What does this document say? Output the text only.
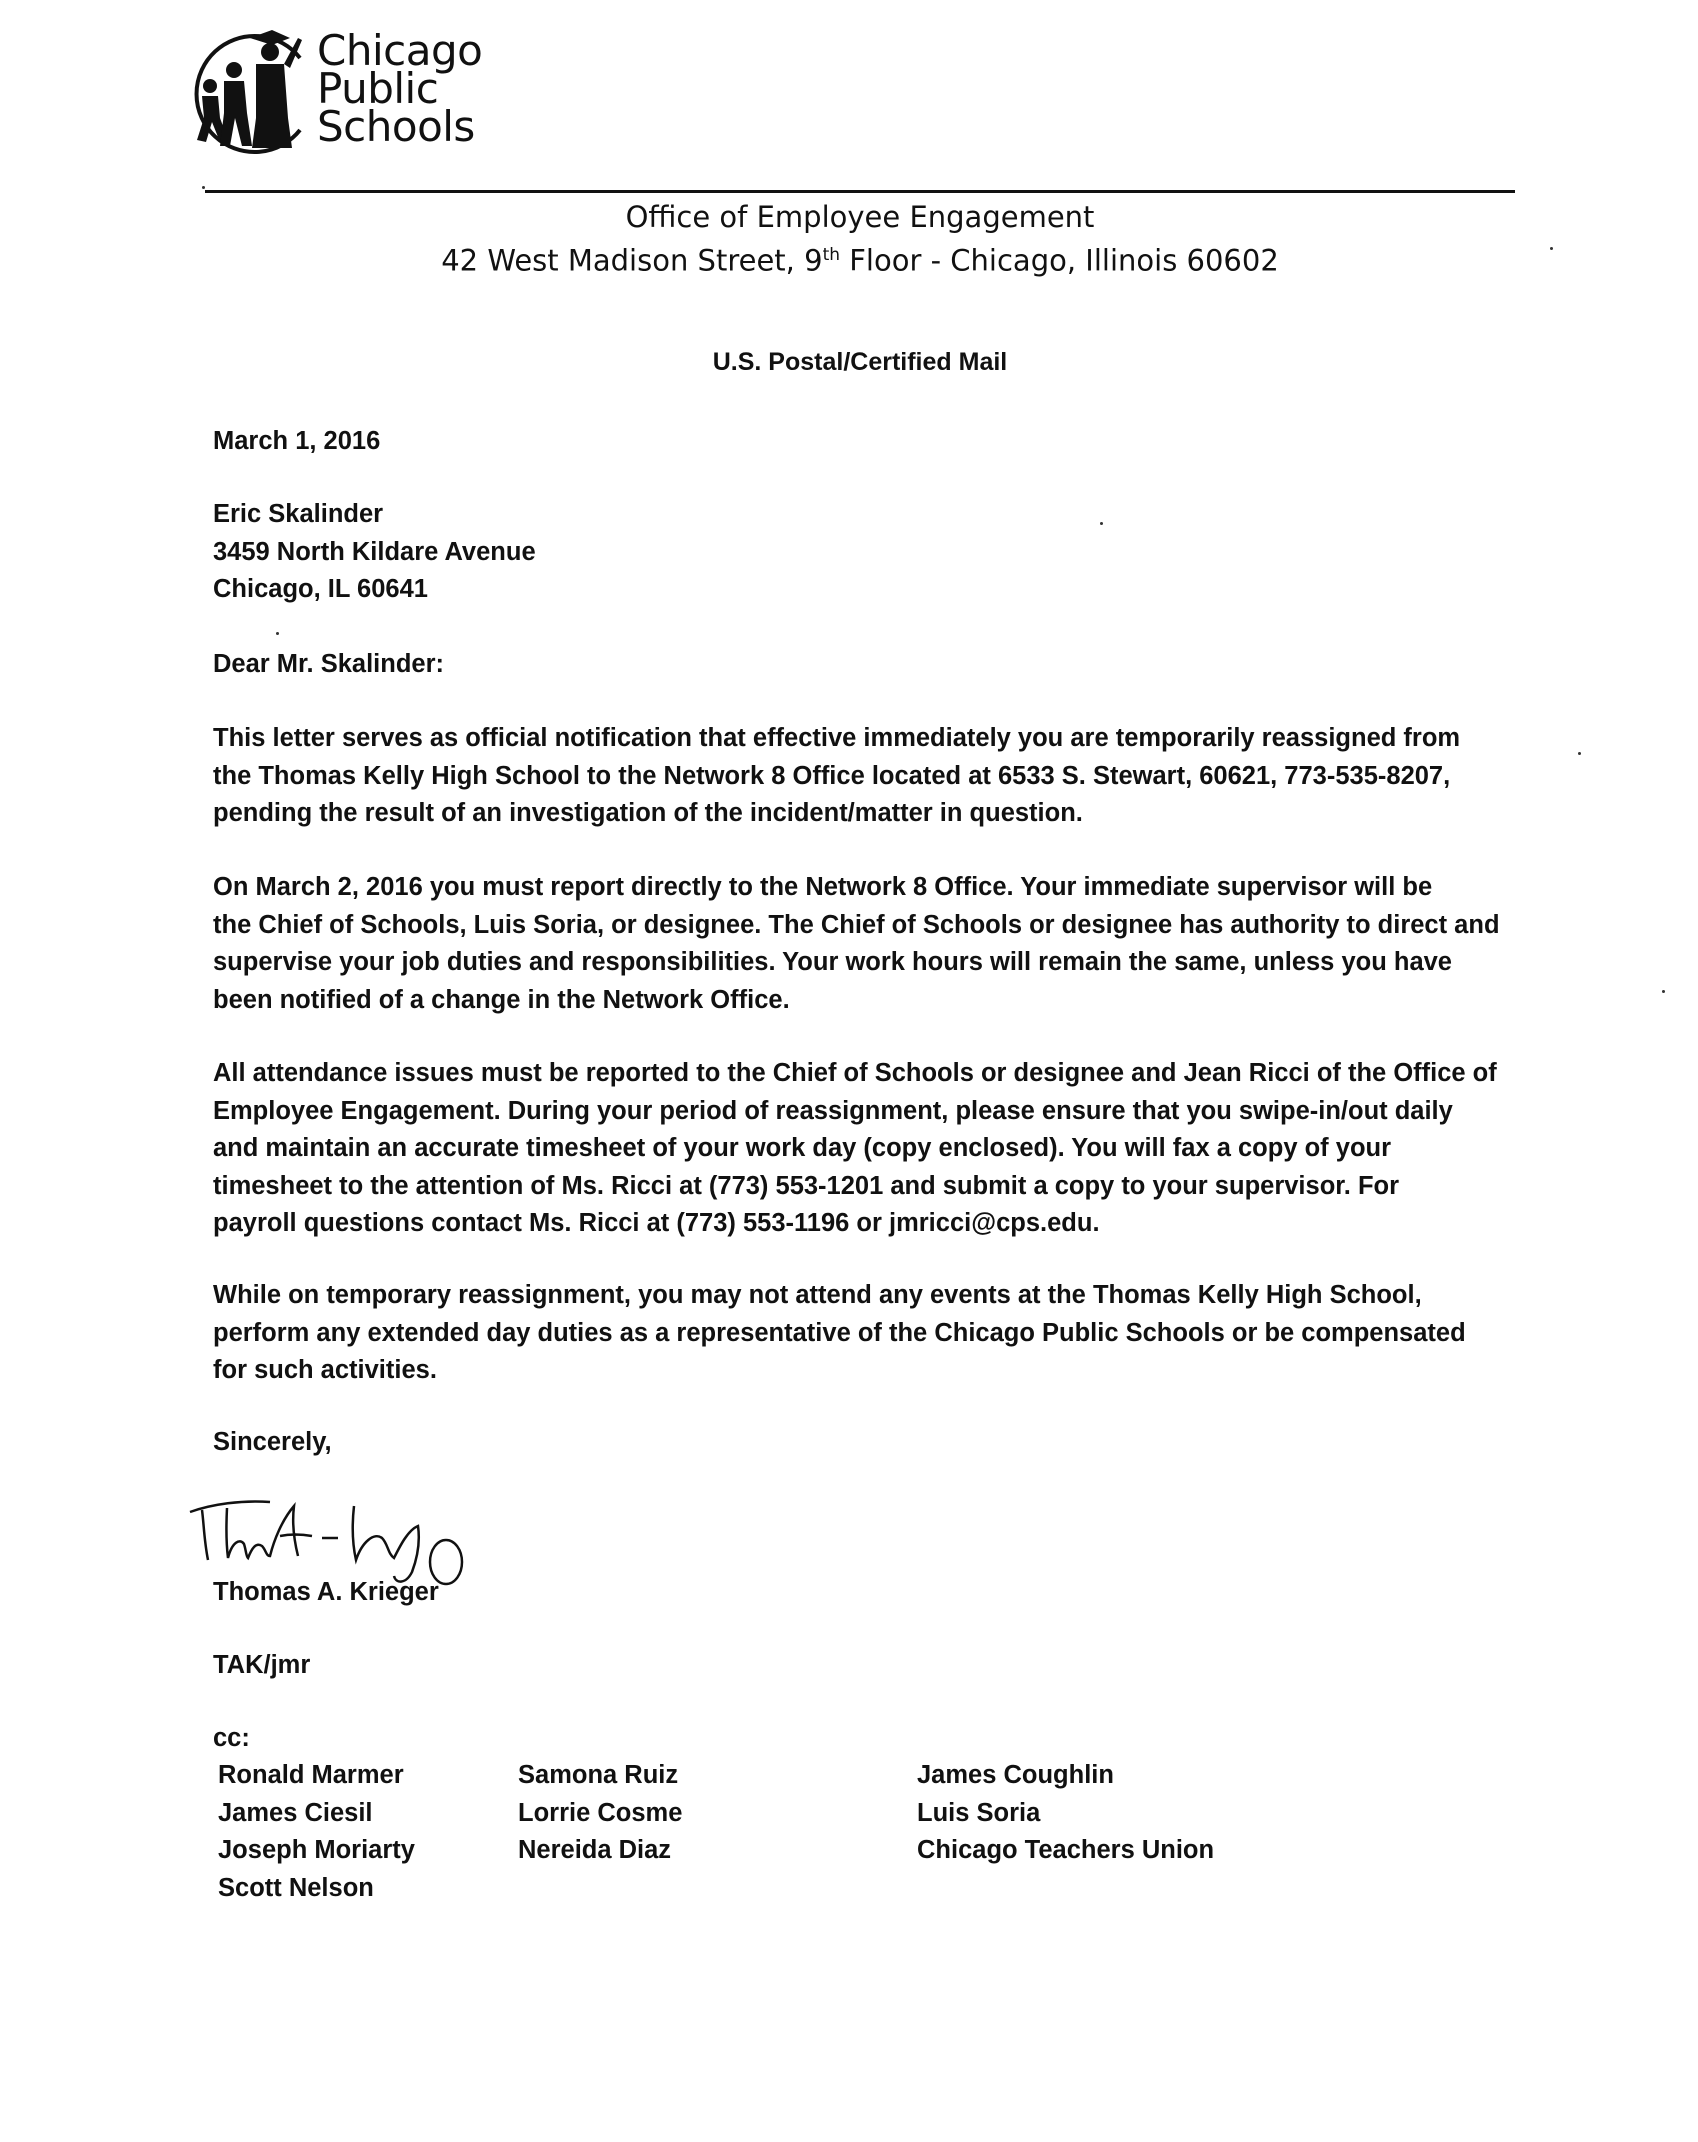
Chicago
Public
Schools
Office of Employee Engagement
42 West Madison Street, 9th Floor - Chicago, Illinois 60602
U.S. Postal/Certified Mail
March 1, 2016
Eric Skalinder
3459 North Kildare Avenue
Chicago, IL 60641
Dear Mr. Skalinder:
This letter serves as official notification that effective immediately you are temporarily reassigned from
the Thomas Kelly High School to the Network 8 Office located at 6533 S. Stewart, 60621, 773-535-8207,
pending the result of an investigation of the incident/matter in question.
On March 2, 2016 you must report directly to the Network 8 Office. Your immediate supervisor will be
the Chief of Schools, Luis Soria, or designee. The Chief of Schools or designee has authority to direct and
supervise your job duties and responsibilities. Your work hours will remain the same, unless you have
been notified of a change in the Network Office.
All attendance issues must be reported to the Chief of Schools or designee and Jean Ricci of the Office of
Employee Engagement. During your period of reassignment, please ensure that you swipe-in/out daily
and maintain an accurate timesheet of your work day (copy enclosed). You will fax a copy of your
timesheet to the attention of Ms. Ricci at (773) 553-1201 and submit a copy to your supervisor. For
payroll questions contact Ms. Ricci at (773) 553-1196 or jmricci@cps.edu.
While on temporary reassignment, you may not attend any events at the Thomas Kelly High School,
perform any extended day duties as a representative of the Chicago Public Schools or be compensated
for such activities.
Sincerely,
Thomas A. Krieger
TAK/jmr
cc:
Ronald Marmer
James Ciesil
Joseph Moriarty
Scott Nelson
Samona Ruiz
Lorrie Cosme
Nereida Diaz
James Coughlin
Luis Soria
Chicago Teachers Union
